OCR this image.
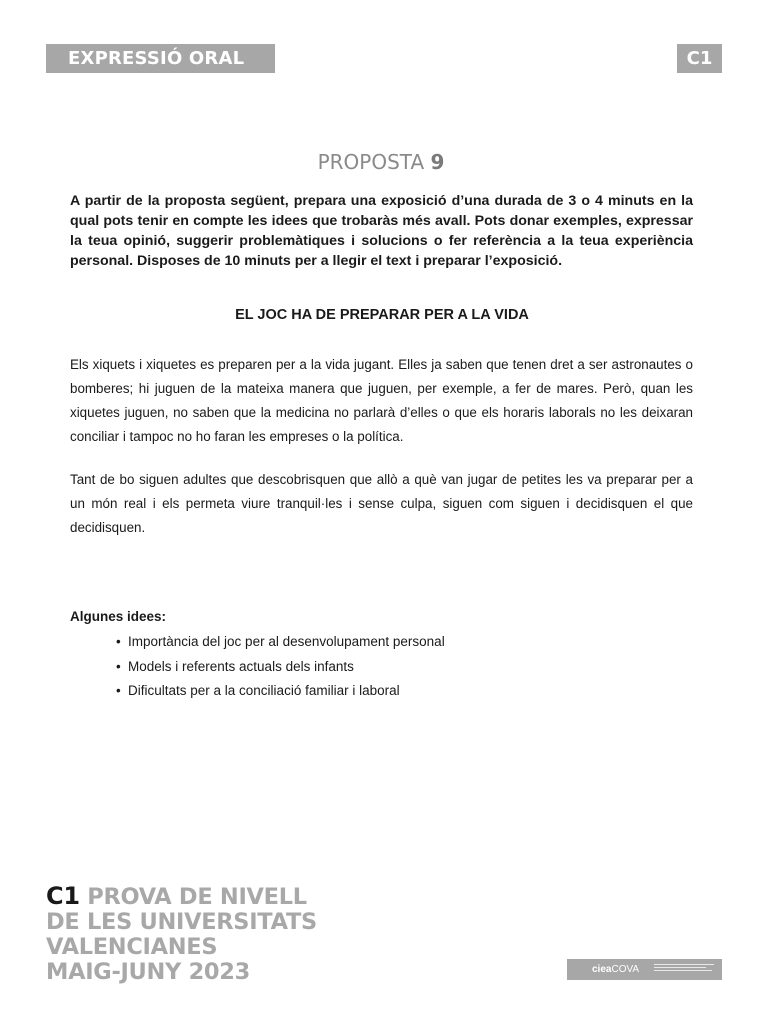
EXPRESSIÓ ORAL	C1
PROPOSTA 9
A partir de la proposta següent, prepara una exposició d’una durada de 3 o 4 minuts en la qual pots tenir en compte les idees que trobaràs més avall. Pots donar exemples, expressar la teua opinió, suggerir problemàtiques i solucions o fer referència a la teua experiència personal. Disposes de 10 minuts per a llegir el text i preparar l’exposició.
EL JOC HA DE PREPARAR PER A LA VIDA
Els xiquets i xiquetes es preparen per a la vida jugant. Elles ja saben que tenen dret a ser astronautes o bomberes; hi juguen de la mateixa manera que juguen, per exemple, a fer de mares. Però, quan les xiquetes juguen, no saben que la medicina no parlarà d’elles o que els horaris laborals no les deixaran conciliar i tampoc no ho faran les empreses o la política.
Tant de bo siguen adultes que descobrisquen que allò a què van jugar de petites les va preparar per a un món real i els permeta viure tranquil·les i sense culpa, siguen com siguen i decidisquen el que decidisquen.
Algunes idees:
• Importància del joc per al desenvolupament personal
• Models i referents actuals dels infants
• Dificultats per a la conciliació familiar i laboral
C1 PROVA DE NIVELL
DE LES UNIVERSITATS
VALENCIANES
MAIG-JUNY 2023	cieaCOVA
